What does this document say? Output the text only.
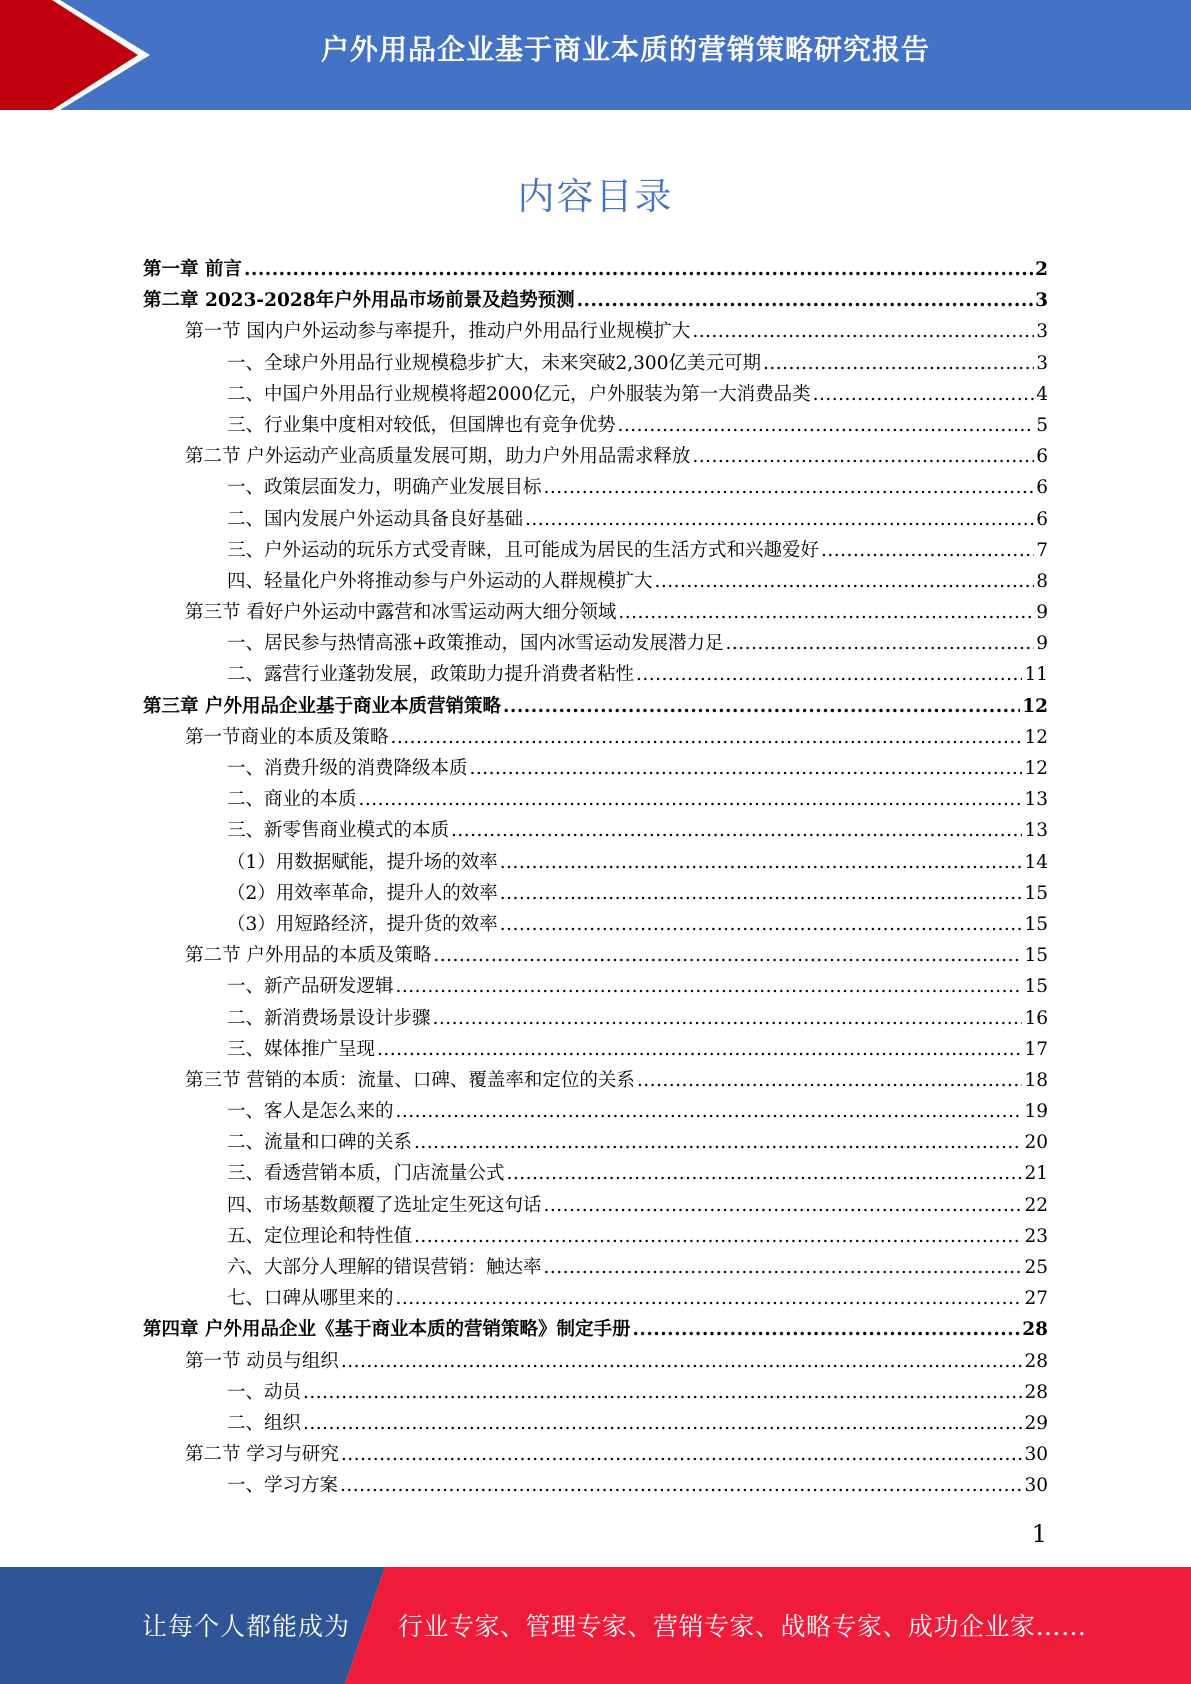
户外用品企业基于商业本质的营销策略研究报告
内容目录
第一章 前言 .....	2
第二章 2023-2028年户外用品市场前景及趋势预测 .....	3
第一节 国内户外运动参与率提升，推动户外用品行业规模扩大 .....	3
一、全球户外用品行业规模稳步扩大，未来突破2,300亿美元可期 .....	3
二、中国户外用品行业规模将超2000亿元，户外服装为第一大消费品类 .....	4
三、行业集中度相对较低，但国牌也有竞争优势 .....	5
第二节 户外运动产业高质量发展可期，助力户外用品需求释放 .....	6
一、政策层面发力，明确产业发展目标 .....	6
二、国内发展户外运动具备良好基础 .....	6
三、户外运动的玩乐方式受青睐，且可能成为居民的生活方式和兴趣爱好 .....	7
四、轻量化户外将推动参与户外运动的人群规模扩大 .....	8
第三节 看好户外运动中露营和冰雪运动两大细分领域 .....	9
一、居民参与热情高涨+政策推动，国内冰雪运动发展潜力足 .....	9
二、露营行业蓬勃发展，政策助力提升消费者粘性 .....	11
第三章 户外用品企业基于商业本质营销策略 .....	12
第一节商业的本质及策略 .....	12
一、消费升级的消费降级本质 .....	12
二、商业的本质 .....	13
三、新零售商业模式的本质 .....	13
（1）用数据赋能，提升场的效率 .....	14
（2）用效率革命，提升人的效率 .....	15
（3）用短路经济，提升货的效率 .....	15
第二节 户外用品的本质及策略 .....	15
一、新产品研发逻辑 .....	15
二、新消费场景设计步骤 .....	16
三、媒体推广呈现 .....	17
第三节 营销的本质：流量、口碑、覆盖率和定位的关系 .....	18
一、客人是怎么来的 .....	19
二、流量和口碑的关系 .....	20
三、看透营销本质，门店流量公式 .....	21
四、市场基数颠覆了选址定生死这句话 .....	22
五、定位理论和特性值 .....	23
六、大部分人理解的错误营销：触达率 .....	25
七、口碑从哪里来的 .....	27
第四章 户外用品企业《基于商业本质的营销策略》制定手册 .....	28
第一节 动员与组织 .....	28
一、动员 .....	28
二、组织 .....	29
第二节 学习与研究 .....	30
一、学习方案 .....	30
1
让每个人都能成为 行业专家、管理专家、营销专家、战略专家、成功企业家……
